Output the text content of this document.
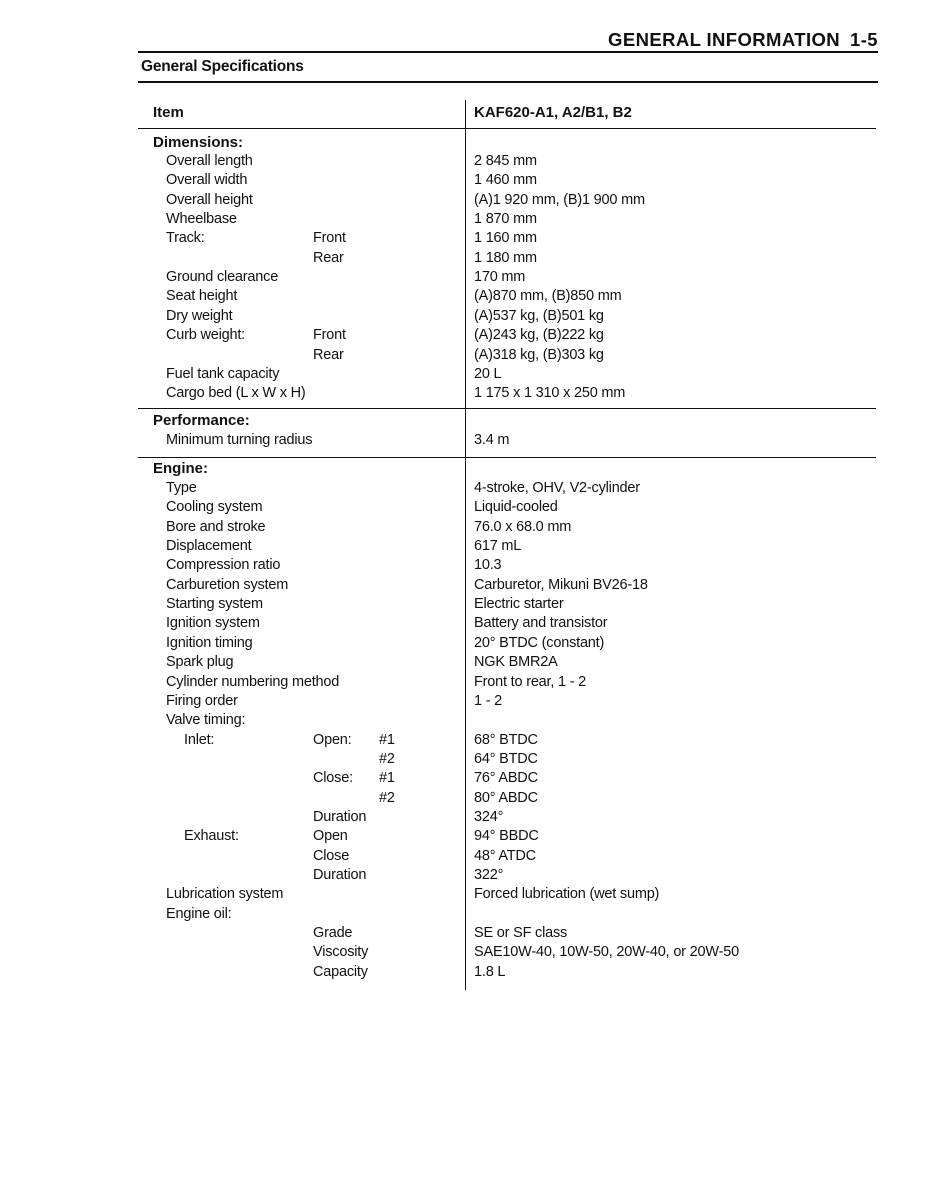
GENERAL INFORMATION 1-5
General Specifications
Item	KAF620-A1, A2/B1, B2
Dimensions:
Overall length	2 845 mm
Overall width	1 460 mm
Overall height	(A)1 920 mm, (B)1 900 mm
Wheelbase	1 870 mm
Track:	Front	1 160 mm
Rear	1 180 mm
Ground clearance	170 mm
Seat height	(A)870 mm, (B)850 mm
Dry weight	(A)537 kg, (B)501 kg
Curb weight:	Front	(A)243 kg, (B)222 kg
Rear	(A)318 kg, (B)303 kg
Fuel tank capacity	20 L
Cargo bed (L x W x H)	1 175 x 1 310 x 250 mm
Performance:
Minimum turning radius	3.4 m
Engine:
Type	4-stroke, OHV, V2-cylinder
Cooling system	Liquid-cooled
Bore and stroke	76.0 x 68.0 mm
Displacement	617 mL
Compression ratio	10.3
Carburetion system	Carburetor, Mikuni BV26-18
Starting system	Electric starter
Ignition system	Battery and transistor
Ignition timing	20° BTDC (constant)
Spark plug	NGK BMR2A
Cylinder numbering method	Front to rear, 1 - 2
Firing order	1 - 2
Valve timing:
Inlet:	Open: #1	68° BTDC
#2	64° BTDC
Close: #1	76° ABDC
#2	80° ABDC
Duration	324°
Exhaust:	Open	94° BBDC
Close	48° ATDC
Duration	322°
Lubrication system	Forced lubrication (wet sump)
Engine oil:
Grade	SE or SF class
Viscosity	SAE10W-40, 10W-50, 20W-40, or 20W-50
Capacity	1.8 L
